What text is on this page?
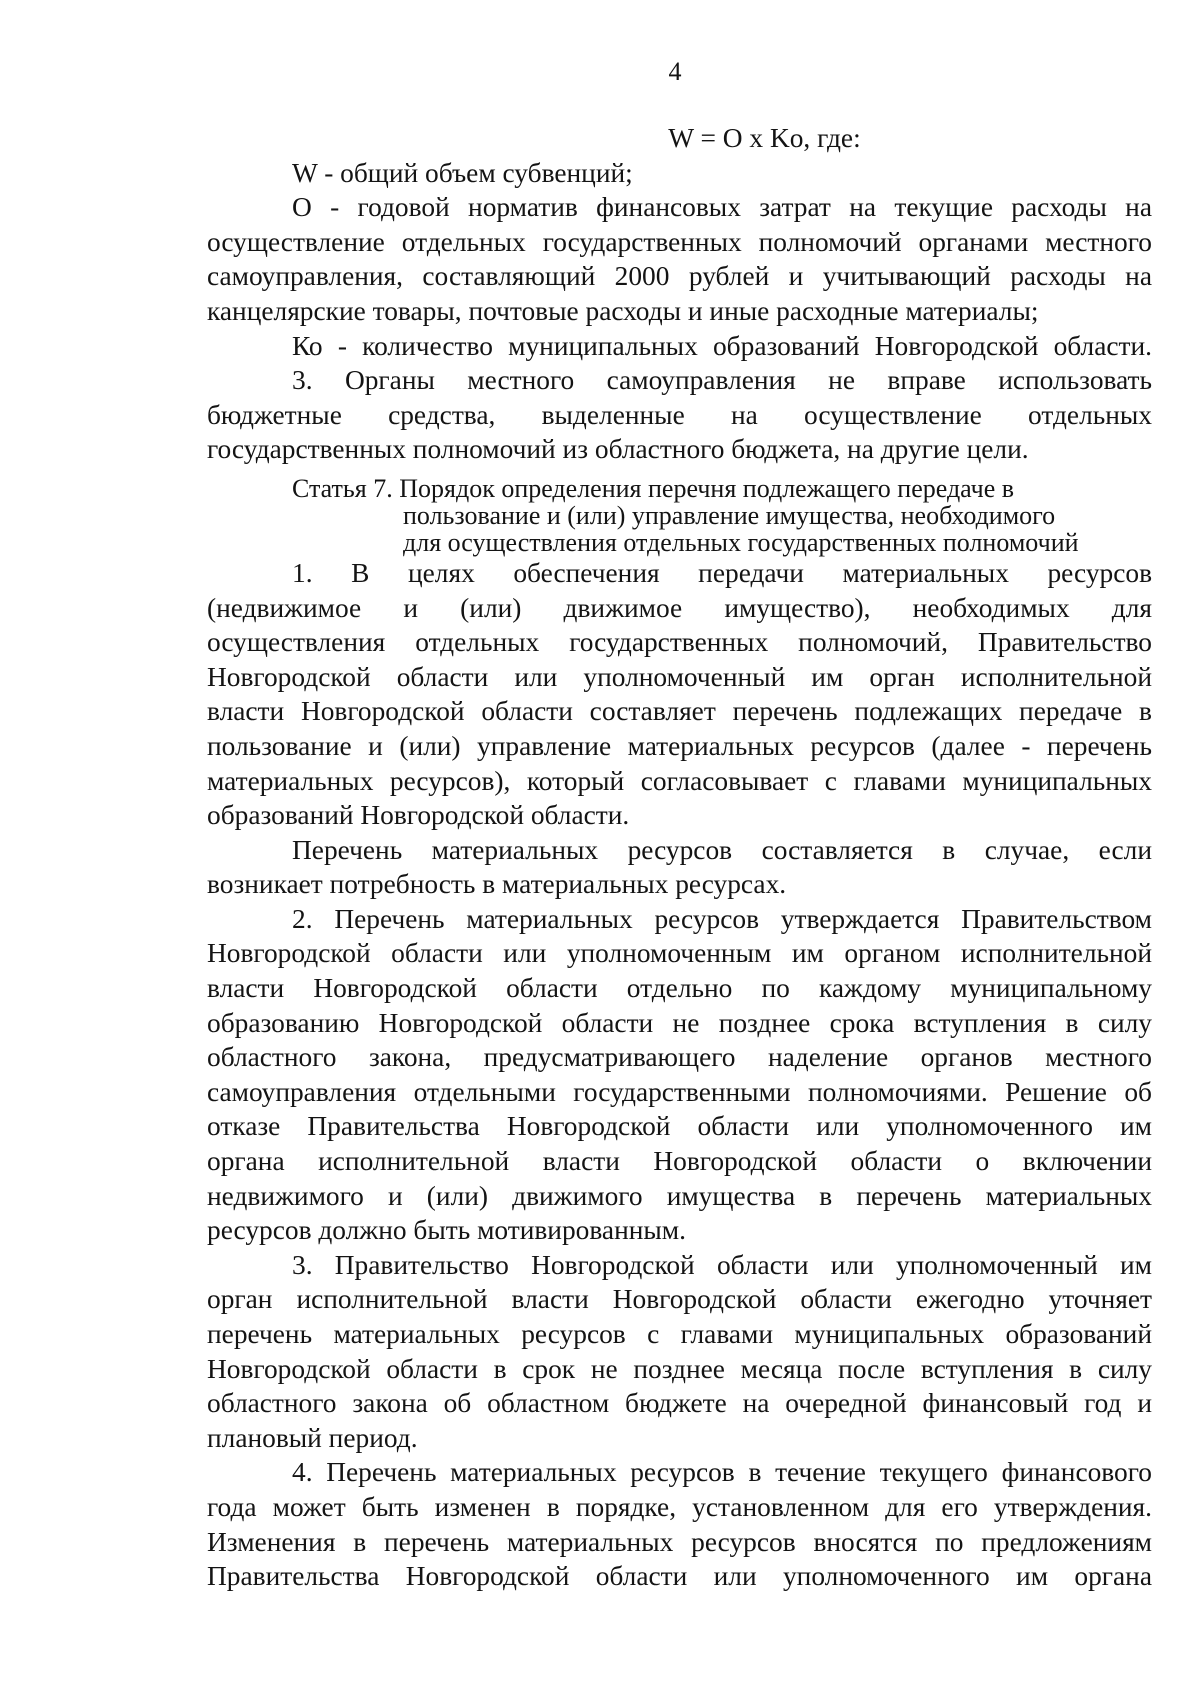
4
W = O x Ko, где:
W - общий объем субвенций;
О - годовой норматив финансовых затрат на текущие расходы на
осуществление отдельных государственных полномочий органами местного
самоуправления, составляющий 2000 рублей и учитывающий расходы на
канцелярские товары, почтовые расходы и иные расходные материалы;
Ко - количество муниципальных образований Новгородской области.
3. Органы местного самоуправления не вправе использовать
бюджетные средства, выделенные на осуществление отдельных
государственных полномочий из областного бюджета, на другие цели.
Статья 7. Порядок определения перечня подлежащего передаче в
пользование и (или) управление имущества, необходимого
для осуществления отдельных государственных полномочий
1. В целях обеспечения передачи материальных ресурсов
(недвижимое и (или) движимое имущество), необходимых для
осуществления отдельных государственных полномочий, Правительство
Новгородской области или уполномоченный им орган исполнительной
власти Новгородской области составляет перечень подлежащих передаче в
пользование и (или) управление материальных ресурсов (далее - перечень
материальных ресурсов), который согласовывает с главами муниципальных
образований Новгородской области.
Перечень материальных ресурсов составляется в случае, если
возникает потребность в материальных ресурсах.
2. Перечень материальных ресурсов утверждается Правительством
Новгородской области или уполномоченным им органом исполнительной
власти Новгородской области отдельно по каждому муниципальному
образованию Новгородской области не позднее срока вступления в силу
областного закона, предусматривающего наделение органов местного
самоуправления отдельными государственными полномочиями. Решение об
отказе Правительства Новгородской области или уполномоченного им
органа исполнительной власти Новгородской области о включении
недвижимого и (или) движимого имущества в перечень материальных
ресурсов должно быть мотивированным.
3. Правительство Новгородской области или уполномоченный им
орган исполнительной власти Новгородской области ежегодно уточняет
перечень материальных ресурсов с главами муниципальных образований
Новгородской области в срок не позднее месяца после вступления в силу
областного закона об областном бюджете на очередной финансовый год и
плановый период.
4. Перечень материальных ресурсов в течение текущего финансового
года может быть изменен в порядке, установленном для его утверждения.
Изменения в перечень материальных ресурсов вносятся по предложениям
Правительства Новгородской области или уполномоченного им органа
